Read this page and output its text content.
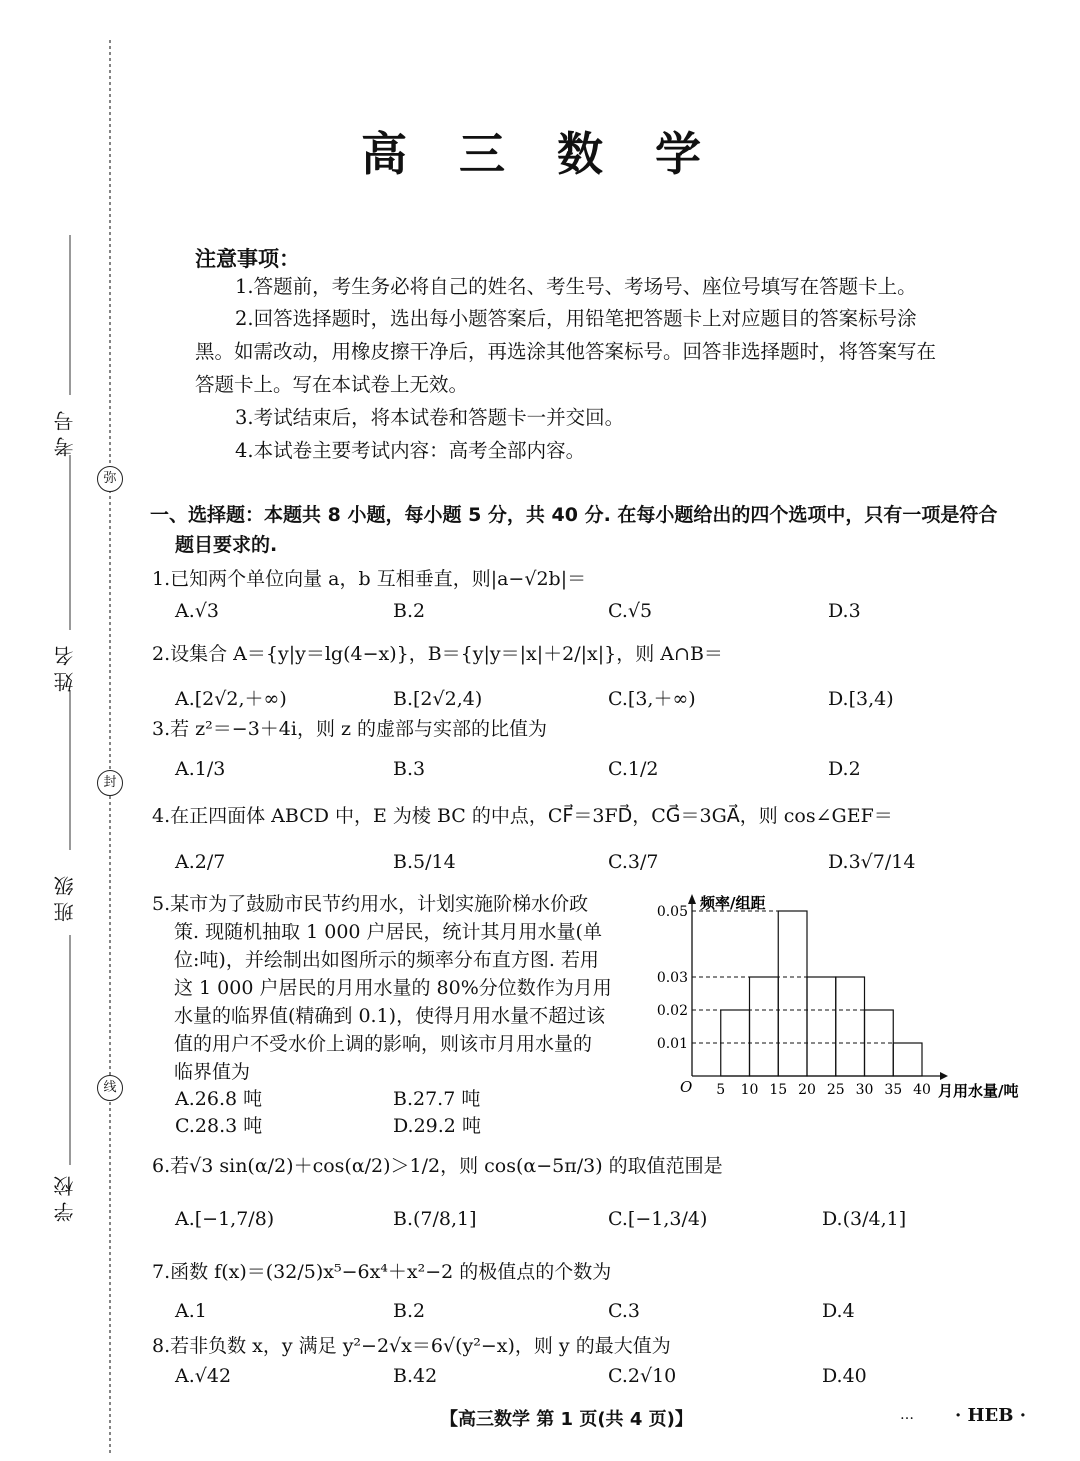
考号
姓名
班级
学校
弥
封
线
高 三 数 学
注意事项：
1.答题前，考生务必将自己的姓名、考生号、考场号、座位号填写在答题卡上。
2.回答选择题时，选出每小题答案后，用铅笔把答题卡上对应题目的答案标号涂
黑。如需改动，用橡皮擦干净后，再选涂其他答案标号。回答非选择题时，将答案写在
答题卡上。写在本试卷上无效。
3.考试结束后，将本试卷和答题卡一并交回。
4.本试卷主要考试内容：高考全部内容。
一、选择题：本题共 8 小题，每小题 5 分，共 40 分. 在每小题给出的四个选项中，只有一项是符合
题目要求的.
1.已知两个单位向量 a，b 互相垂直，则|a−√2b|＝
A.√3	B.2	C.√5	D.3
2.设集合 A＝{y|y＝lg(4−x)}，B＝{y|y＝|x|＋2/|x|}，则 A∩B＝
A.[2√2,＋∞)	B.[2√2,4)	C.[3,＋∞)	D.[3,4)
3.若 z²＝−3＋4i，则 z 的虚部与实部的比值为
A.1/3	B.3	C.1/2	D.2
4.在正四面体 ABCD 中，E 为棱 BC 的中点，CF⃗＝3FD⃗，CG⃗＝3GA⃗，则 cos∠GEF＝
A.2/7	B.5/14	C.3/7	D.3√7/14
5.某市为了鼓励市民节约用水，计划实施阶梯水价政
策. 现随机抽取 1 000 户居民，统计其月用水量(单
位:吨)，并绘制出如图所示的频率分布直方图. 若用
这 1 000 户居民的月用水量的 80%分位数作为月用
水量的临界值(精确到 0.1)，使得月用水量不超过该
值的用户不受水价上调的影响，则该市月用水量的
临界值为
A.26.8 吨	B.27.7 吨
C.28.3 吨	D.29.2 吨
0.05
0.03
0.02
0.01
5 10 15 20 25 30 35 40
O
频率/组距
月用水量/吨
6.若√3 sin(α/2)＋cos(α/2)＞1/2，则 cos(α−5π/3) 的取值范围是
A.[−1,7/8)	B.(7/8,1]	C.[−1,3/4)	D.(3/4,1]
7.函数 f(x)＝(32/5)x⁵−6x⁴＋x²−2 的极值点的个数为
A.1	B.2	C.3	D.4
8.若非负数 x，y 满足 y²−2√x＝6√(y²−x)，则 y 的最大值为
A.√42	B.42	C.2√10	D.40
【高三数学 第 1 页(共 4 页)】	… · HEB ·
